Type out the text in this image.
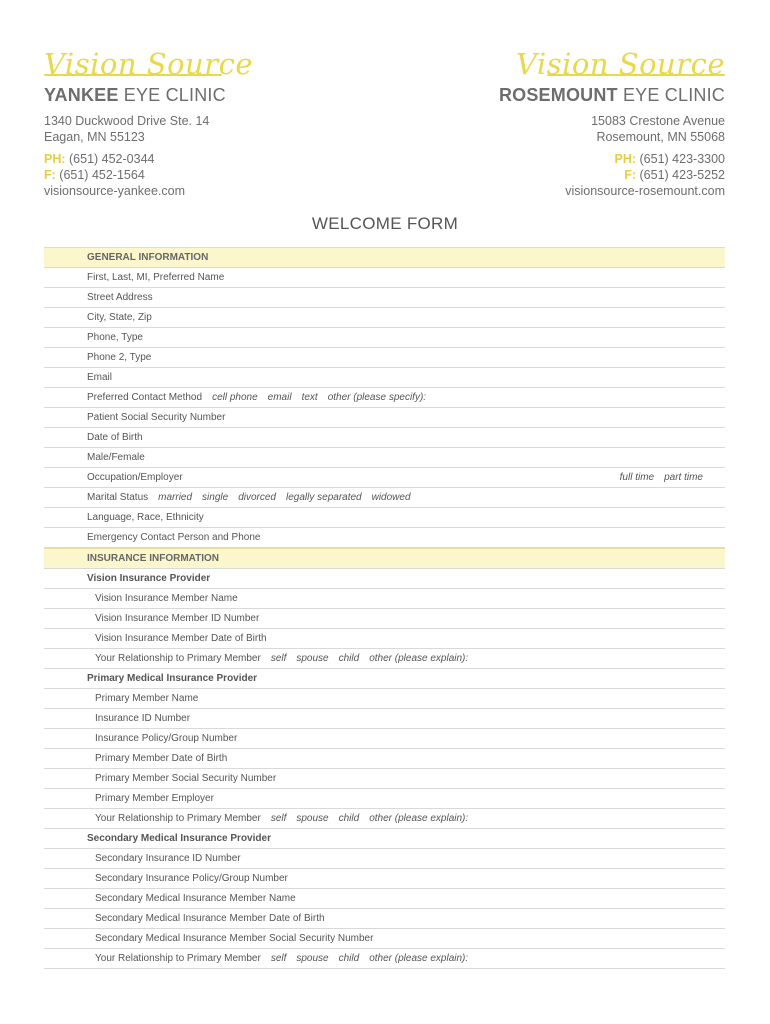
Vision Source
YANKEE EYE CLINIC
1340 Duckwood Drive Ste. 14
Eagan, MN 55123
PH: (651) 452-0344
F: (651) 452-1564
visionsource-yankee.com
Vision Source
ROSEMOUNT EYE CLINIC
15083 Crestone Avenue
Rosemount, MN 55068
PH: (651) 423-3300
F: (651) 423-5252
visionsource-rosemount.com
WELCOME FORM
GENERAL INFORMATION
First, Last, MI, Preferred Name
Street Address
City, State, Zip
Phone, Type
Phone 2, Type
Email
Preferred Contact Method cell phone email text other (please specify):
Patient Social Security Number
Date of Birth
Male/Female
Occupation/Employer	full time part time
Marital Status married single divorced legally separated widowed
Language, Race, Ethnicity
Emergency Contact Person and Phone
INSURANCE INFORMATION
Vision Insurance Provider
Vision Insurance Member Name
Vision Insurance Member ID Number
Vision Insurance Member Date of Birth
Your Relationship to Primary Member self spouse child other (please explain):
Primary Medical Insurance Provider
Primary Member Name
Insurance ID Number
Insurance Policy/Group Number
Primary Member Date of Birth
Primary Member Social Security Number
Primary Member Employer
Your Relationship to Primary Member self spouse child other (please explain):
Secondary Medical Insurance Provider
Secondary Insurance ID Number
Secondary Insurance Policy/Group Number
Secondary Medical Insurance Member Name
Secondary Medical Insurance Member Date of Birth
Secondary Medical Insurance Member Social Security Number
Your Relationship to Primary Member self spouse child other (please explain):
